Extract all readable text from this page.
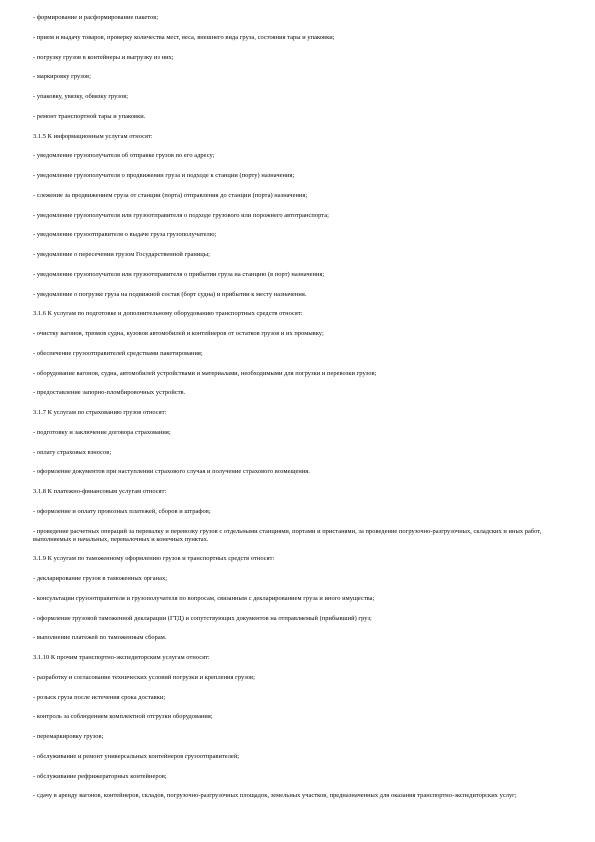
- формирование и расформирование пакетов;
- прием и выдачу товаров, проверку количества мест, веса, внешнего вида груза, состояния тары и упаковки;
- погрузку грузов в контейнеры и выгрузку из них;
- маркировку грузов;
- упаковку, увязку, обвязку грузов;
- ремонт транспортной тары и упаковки.
3.1.5 К информационным услугам относят:
- уведомление грузополучателя об отправке грузов по его адресу;
- уведомление грузополучателя о продвижении груза и подходе к станции (порту) назначения;
- слежение за продвижением груза от станции (порта) отправления до станции (порта) назначения;
- уведомление грузополучателя или грузоотправителя о подходе грузового или порожнего автотранспорта;
- уведомление грузоотправителя о выдаче груза грузополучателю;
- уведомление о пересечении грузом Государственной границы;
- уведомление грузополучателя или грузоотправителя о прибытии груза на станцию (в порт) назначения;
- уведомление о погрузке груза на подвижной состав (борт судна) и прибытии к месту назначения.
3.1.6 К услугам по подготовке и дополнительному оборудованию транспортных средств относят:
- очистку вагонов, трюмов судна, кузовов автомобилей и контейнеров от остатков грузов и их промывку;
- обеспечение грузоотправителей средствами пакетирования;
- оборудование вагонов, судна, автомобилей устройствами и материалами, необходимыми для погрузки и перевозки грузов;
- предоставление запорно-пломбировочных устройств.
3.1.7 К услугам по страхованию грузов относят:
- подготовку и заключение договора страхования;
- оплату страховых взносов;
- оформление документов при наступлении страхового случая и получение страхового возмещения.
3.1.8 К платежно-финансовым услугам относят:
- оформление и оплату провозных платежей, сборов и штрафов;
- проведение расчетных операций за перевалку и перевозку грузов с отдельными станциями, портами и пристанями, за проведение погрузочно-разгрузочных, складских и иных работ, выполняемых в начальных, перевалочных и конечных пунктах.
3.1.9 К услугам по таможенному оформлению грузов и транспортных средств относят:
- декларирование грузов в таможенных органах;
- консультации грузоотправителя и грузополучателя по вопросам, связанным с декларированием груза и иного имущества;
- оформление грузовой таможенной декларации (ГТД) и сопутствующих документов на отправляемый (прибывший) груз;
- выполнение платежей по таможенным сборам.
3.1.10 К прочим транспортно-экспедиторским услугам относят:
- разработку и согласование технических условий погрузки и крепления грузов;
- розыск груза после истечения срока доставки;
- контроль за соблюдением комплектной отгрузки оборудования;
- перемаркировку грузов;
- обслуживание и ремонт универсальных контейнеров грузоотправителей;
- обслуживание рефрижераторных контейнеров;
- сдачу в аренду вагонов, контейнеров, складов, погрузочно-разгрузочных площадок, земельных участков, предназначенных для оказания транспортно-экспедиторских услуг;
